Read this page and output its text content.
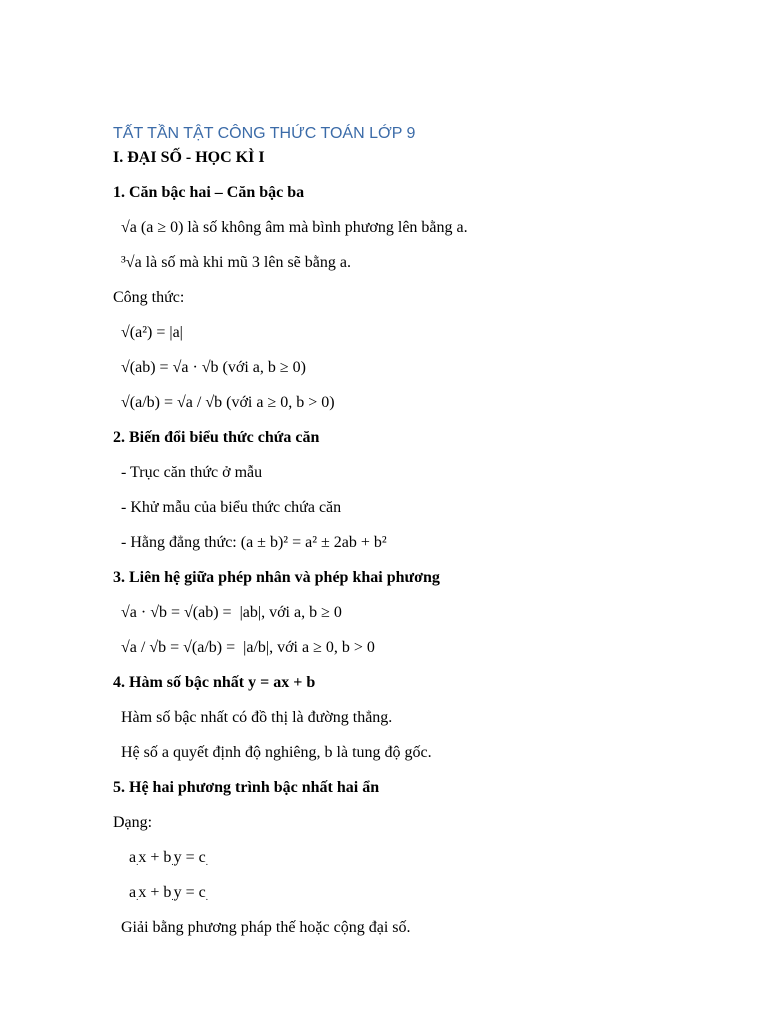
TẤT TẦN TẬT CÔNG THỨC TOÁN LỚP 9
I. ĐẠI SỐ - HỌC KÌ I
1. Căn bậc hai – Căn bậc ba
√a (a ≥ 0) là số không âm mà bình phương lên bằng a.
³√a là số mà khi mũ 3 lên sẽ bằng a.
Công thức:
√(a²) = |a|
√(ab) = √a · √b (với a, b ≥ 0)
√(a/b) = √a / √b (với a ≥ 0, b > 0)
2. Biến đổi biểu thức chứa căn
- Trục căn thức ở mẫu
- Khử mẫu của biểu thức chứa căn
- Hằng đẳng thức: (a ± b)² = a² ± 2ab + b²
3. Liên hệ giữa phép nhân và phép khai phương
√a · √b = √(ab) =  |ab|, với a, b ≥ 0
√a / √b = √(a/b) =  |a/b|, với a ≥ 0, b > 0
4. Hàm số bậc nhất y = ax + b
Hàm số bậc nhất có đồ thị là đường thẳng.
Hệ số a quyết định độ nghiêng, b là tung độ gốc.
5. Hệ hai phương trình bậc nhất hai ẩn
Dạng:
$a_.x + b_.y = c_.$
$a_.x + b_.y = c_.$
Giải bằng phương pháp thế hoặc cộng đại số.
